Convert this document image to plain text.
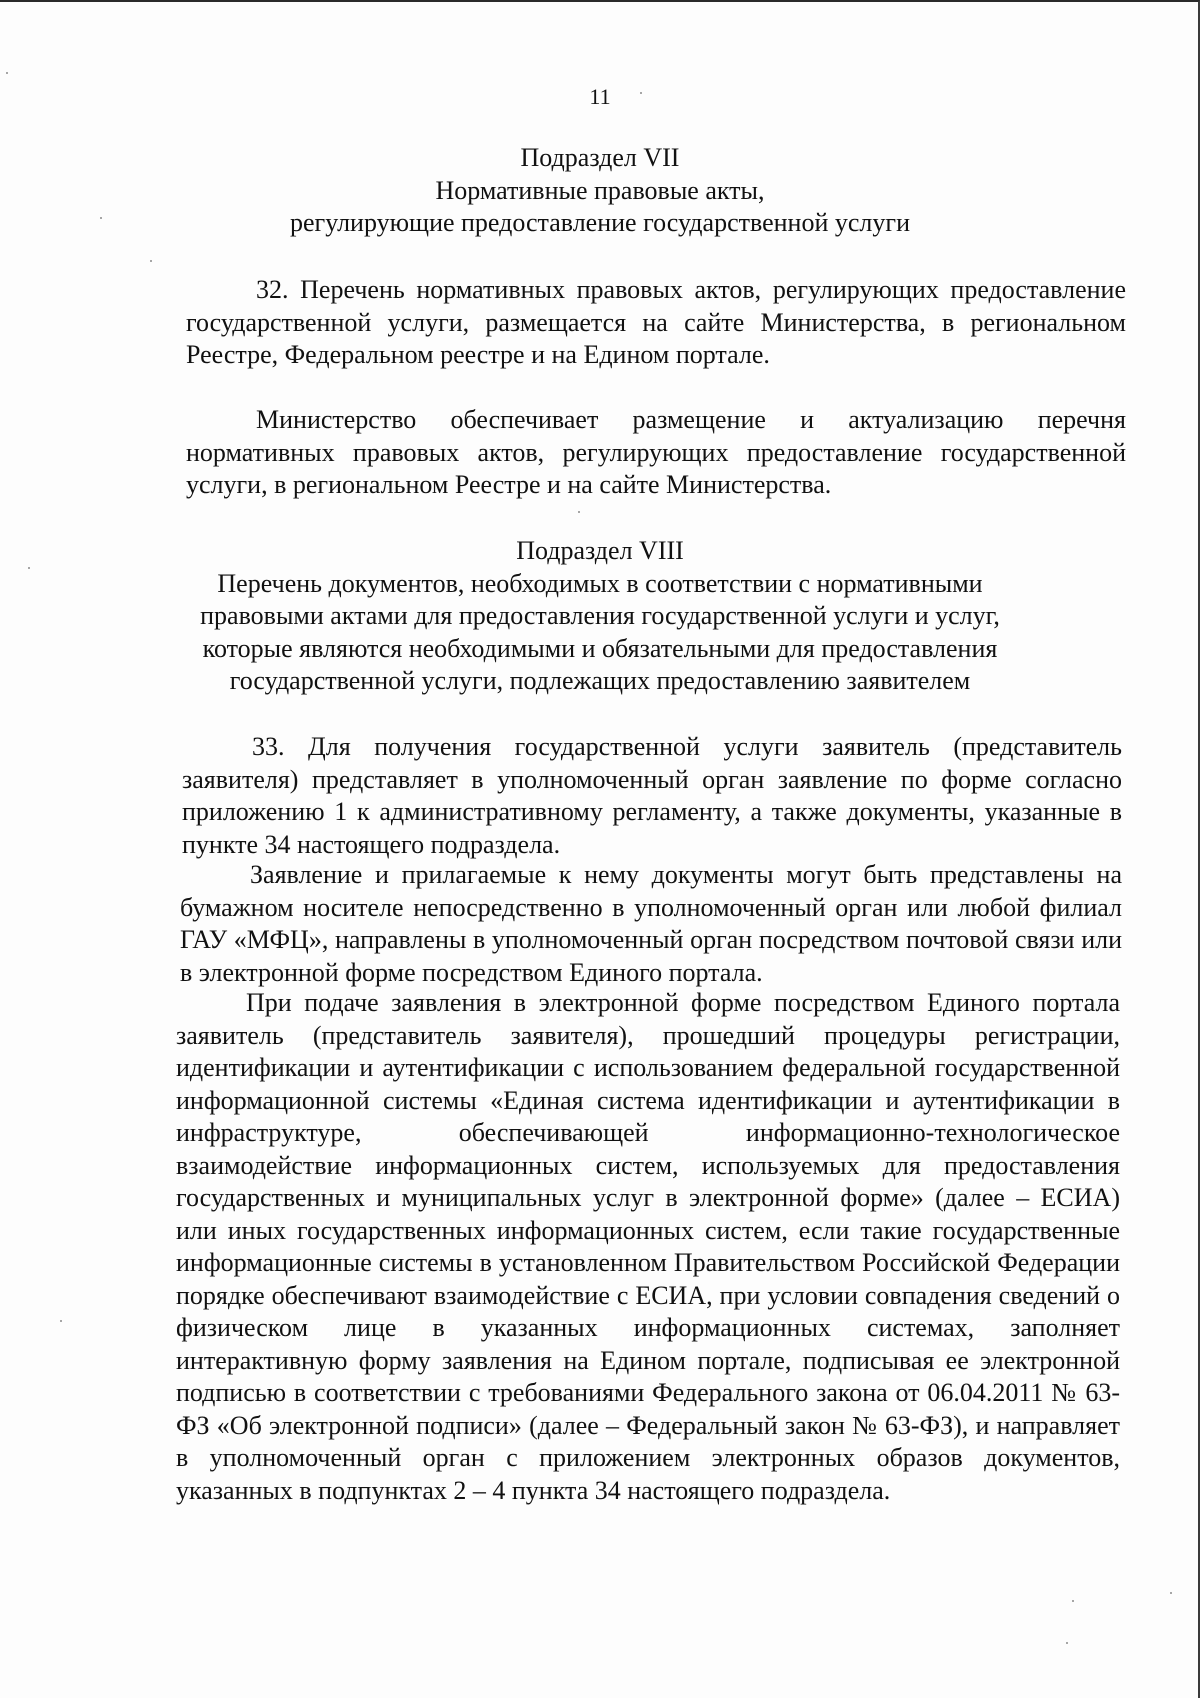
11
Подраздел VII
Нормативные правовые акты,
регулирующие предоставление государственной услуги

32. Перечень нормативных правовых актов, регулирующих предоставление государственной услуги, размещается на сайте Министерства, в региональном Реестре, Федеральном реестре и на Едином портале.

Министерство обеспечивает размещение и актуализацию перечня нормативных правовых актов, регулирующих предоставление государственной услуги, в региональном Реестре и на сайте Министерства.

Подраздел VIII
Перечень документов, необходимых в соответствии с нормативными
правовыми актами для предоставления государственной услуги и услуг,
которые являются необходимыми и обязательными для предоставления
государственной услуги, подлежащих предоставлению заявителем

33. Для получения государственной услуги заявитель (представитель заявителя) представляет в уполномоченный орган заявление по форме согласно приложению 1 к административному регламенту, а также документы, указанные в пункте 34 настоящего подраздела.

Заявление и прилагаемые к нему документы могут быть представлены на бумажном носителе непосредственно в уполномоченный орган или любой филиал ГАУ «МФЦ», направлены в уполномоченный орган посредством почтовой связи или в электронной форме посредством Единого портала.

При подаче заявления в электронной форме посредством Единого портала заявитель (представитель заявителя), прошедший процедуры регистрации, идентификации и аутентификации с использованием федеральной государственной информационной системы «Единая система идентификации и аутентификации в инфраструктуре, обеспечивающей информационно-технологическое взаимодействие информационных систем, используемых для предоставления государственных и муниципальных услуг в электронной форме» (далее – ЕСИА) или иных государственных информационных систем, если такие государственные информационные системы в установленном Правительством Российской Федерации порядке обеспечивают взаимодействие с ЕСИА, при условии совпадения сведений о физическом лице в указанных информационных системах, заполняет интерактивную форму заявления на Едином портале, подписывая ее электронной подписью в соответствии с требованиями Федерального закона от 06.04.2011 № 63-ФЗ «Об электронной подписи» (далее – Федеральный закон № 63-ФЗ), и направляет в уполномоченный орган с приложением электронных образов документов, указанных в подпунктах 2 – 4 пункта 34 настоящего подраздела.
